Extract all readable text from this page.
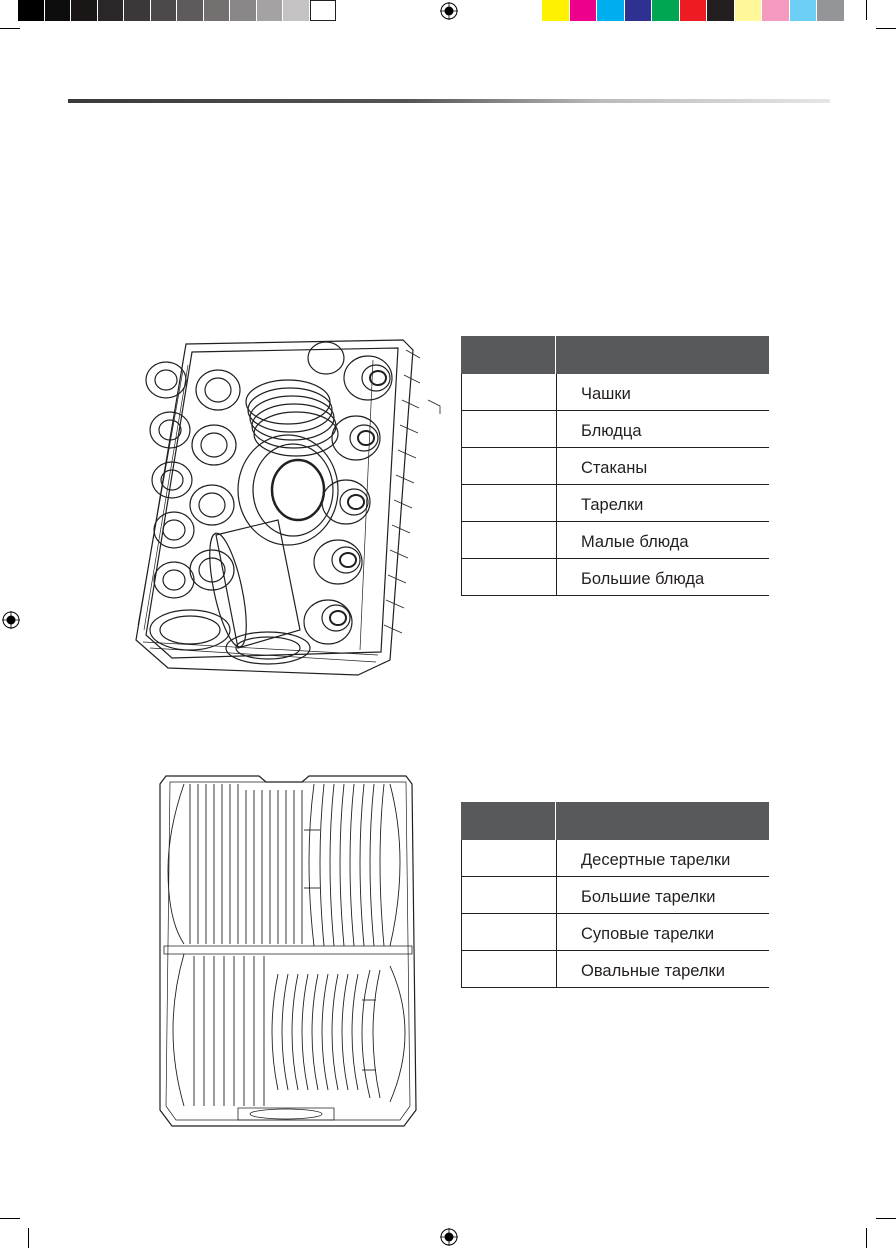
Чашки
Блюдца
Стаканы
Тарелки
Малые блюда
Большие блюда
Десертные тарелки
Большие тарелки
Суповые тарелки
Овальные тарелки
